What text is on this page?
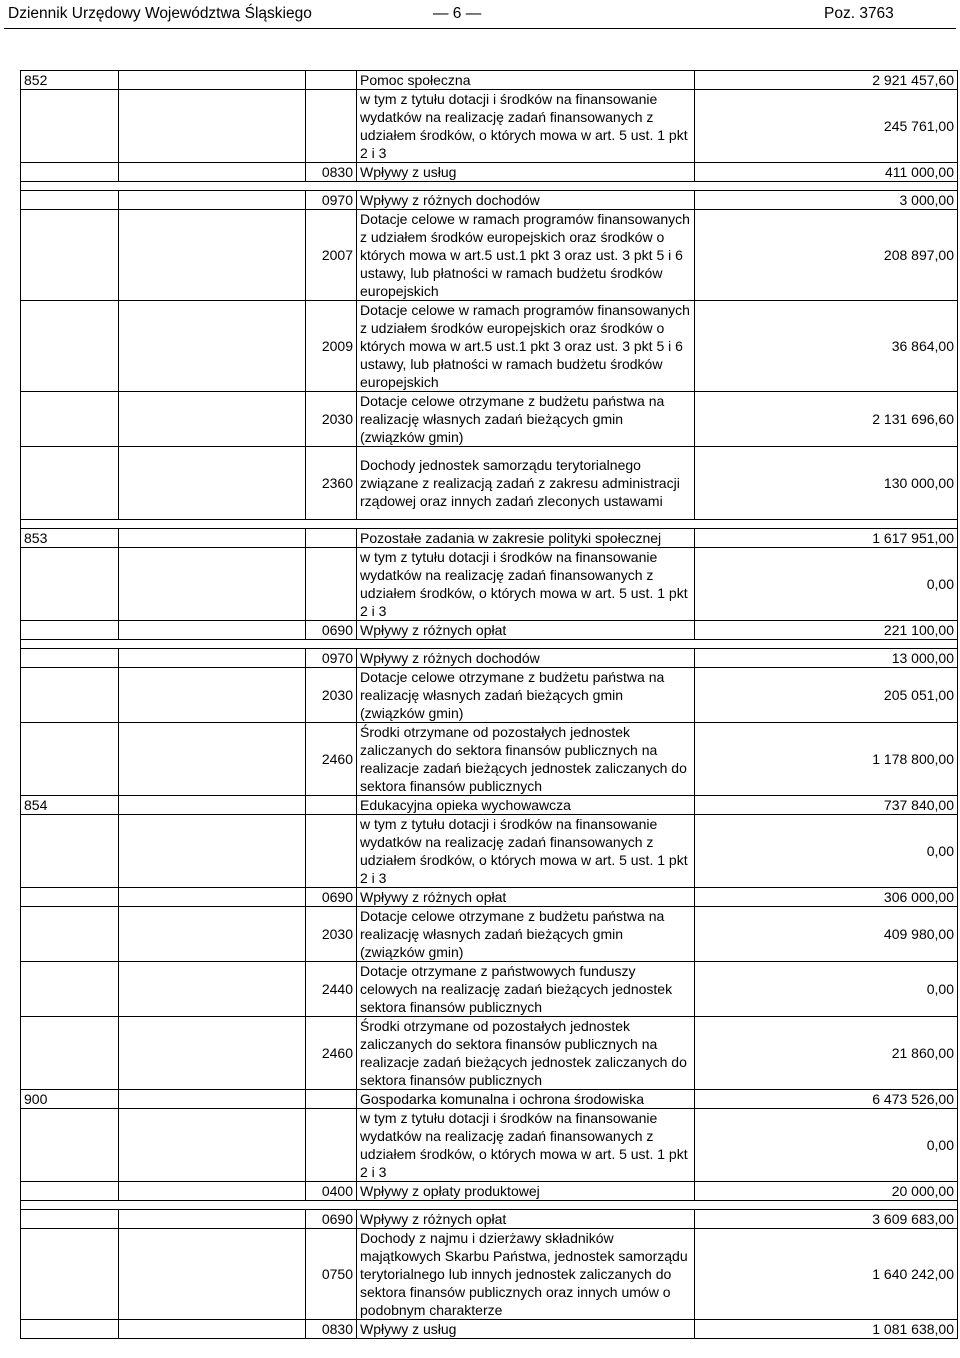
Dziennik Urzędowy Województwa Śląskiego	— 6 —	Poz. 3763
852			Pomoc społeczna	2 921 457,60
			w tym z tytułu dotacji i środków na finansowanie wydatków na realizację zadań finansowanych z udziałem środków, o których mowa w art. 5 ust. 1 pkt 2 i 3	245 761,00
		0830	Wpływy z usług	411 000,00

		0970	Wpływy z różnych dochodów	3 000,00
		2007	Dotacje celowe w ramach programów finansowanych z udziałem środków europejskich oraz środków o których mowa w art.5 ust.1 pkt 3 oraz ust. 3 pkt 5 i 6 ustawy, lub płatności w ramach budżetu środków europejskich	208 897,00
		2009	Dotacje celowe w ramach programów finansowanych z udziałem środków europejskich oraz środków o których mowa w art.5 ust.1 pkt 3 oraz ust. 3 pkt 5 i 6 ustawy, lub płatności w ramach budżetu środków europejskich	36 864,00
		2030	Dotacje celowe otrzymane z budżetu państwa na realizację własnych zadań bieżących gmin (związków gmin)	2 131 696,60
		2360	Dochody jednostek samorządu terytorialnego związane z realizacją zadań z zakresu administracji rządowej oraz innych zadań zleconych ustawami	130 000,00

853			Pozostałe zadania w zakresie polityki społecznej	1 617 951,00
			w tym z tytułu dotacji i środków na finansowanie wydatków na realizację zadań finansowanych z udziałem środków, o których mowa w art. 5 ust. 1 pkt 2 i 3	0,00
		0690	Wpływy z różnych opłat	221 100,00

		0970	Wpływy z różnych dochodów	13 000,00
		2030	Dotacje celowe otrzymane z budżetu państwa na realizację własnych zadań bieżących gmin (związków gmin)	205 051,00
		2460	Środki otrzymane od pozostałych jednostek zaliczanych do sektora finansów publicznych na realizacje zadań bieżących jednostek zaliczanych do sektora finansów publicznych	1 178 800,00
854			Edukacyjna opieka wychowawcza	737 840,00
			w tym z tytułu dotacji i środków na finansowanie wydatków na realizację zadań finansowanych z udziałem środków, o których mowa w art. 5 ust. 1 pkt 2 i 3	0,00
		0690	Wpływy z różnych opłat	306 000,00
		2030	Dotacje celowe otrzymane z budżetu państwa na realizację własnych zadań bieżących gmin (związków gmin)	409 980,00
		2440	Dotacje otrzymane z państwowych funduszy celowych na realizację zadań bieżących jednostek sektora finansów publicznych	0,00
		2460	Środki otrzymane od pozostałych jednostek zaliczanych do sektora finansów publicznych na realizacje zadań bieżących jednostek zaliczanych do sektora finansów publicznych	21 860,00
900			Gospodarka komunalna i ochrona środowiska	6 473 526,00
			w tym z tytułu dotacji i środków na finansowanie wydatków na realizację zadań finansowanych z udziałem środków, o których mowa w art. 5 ust. 1 pkt 2 i 3	0,00
		0400	Wpływy z opłaty produktowej	20 000,00

		0690	Wpływy z różnych opłat	3 609 683,00
		0750	Dochody z najmu i dzierżawy składników majątkowych Skarbu Państwa, jednostek samorządu terytorialnego lub innych jednostek zaliczanych do sektora finansów publicznych oraz innych umów o podobnym charakterze	1 640 242,00
		0830	Wpływy z usług	1 081 638,00
